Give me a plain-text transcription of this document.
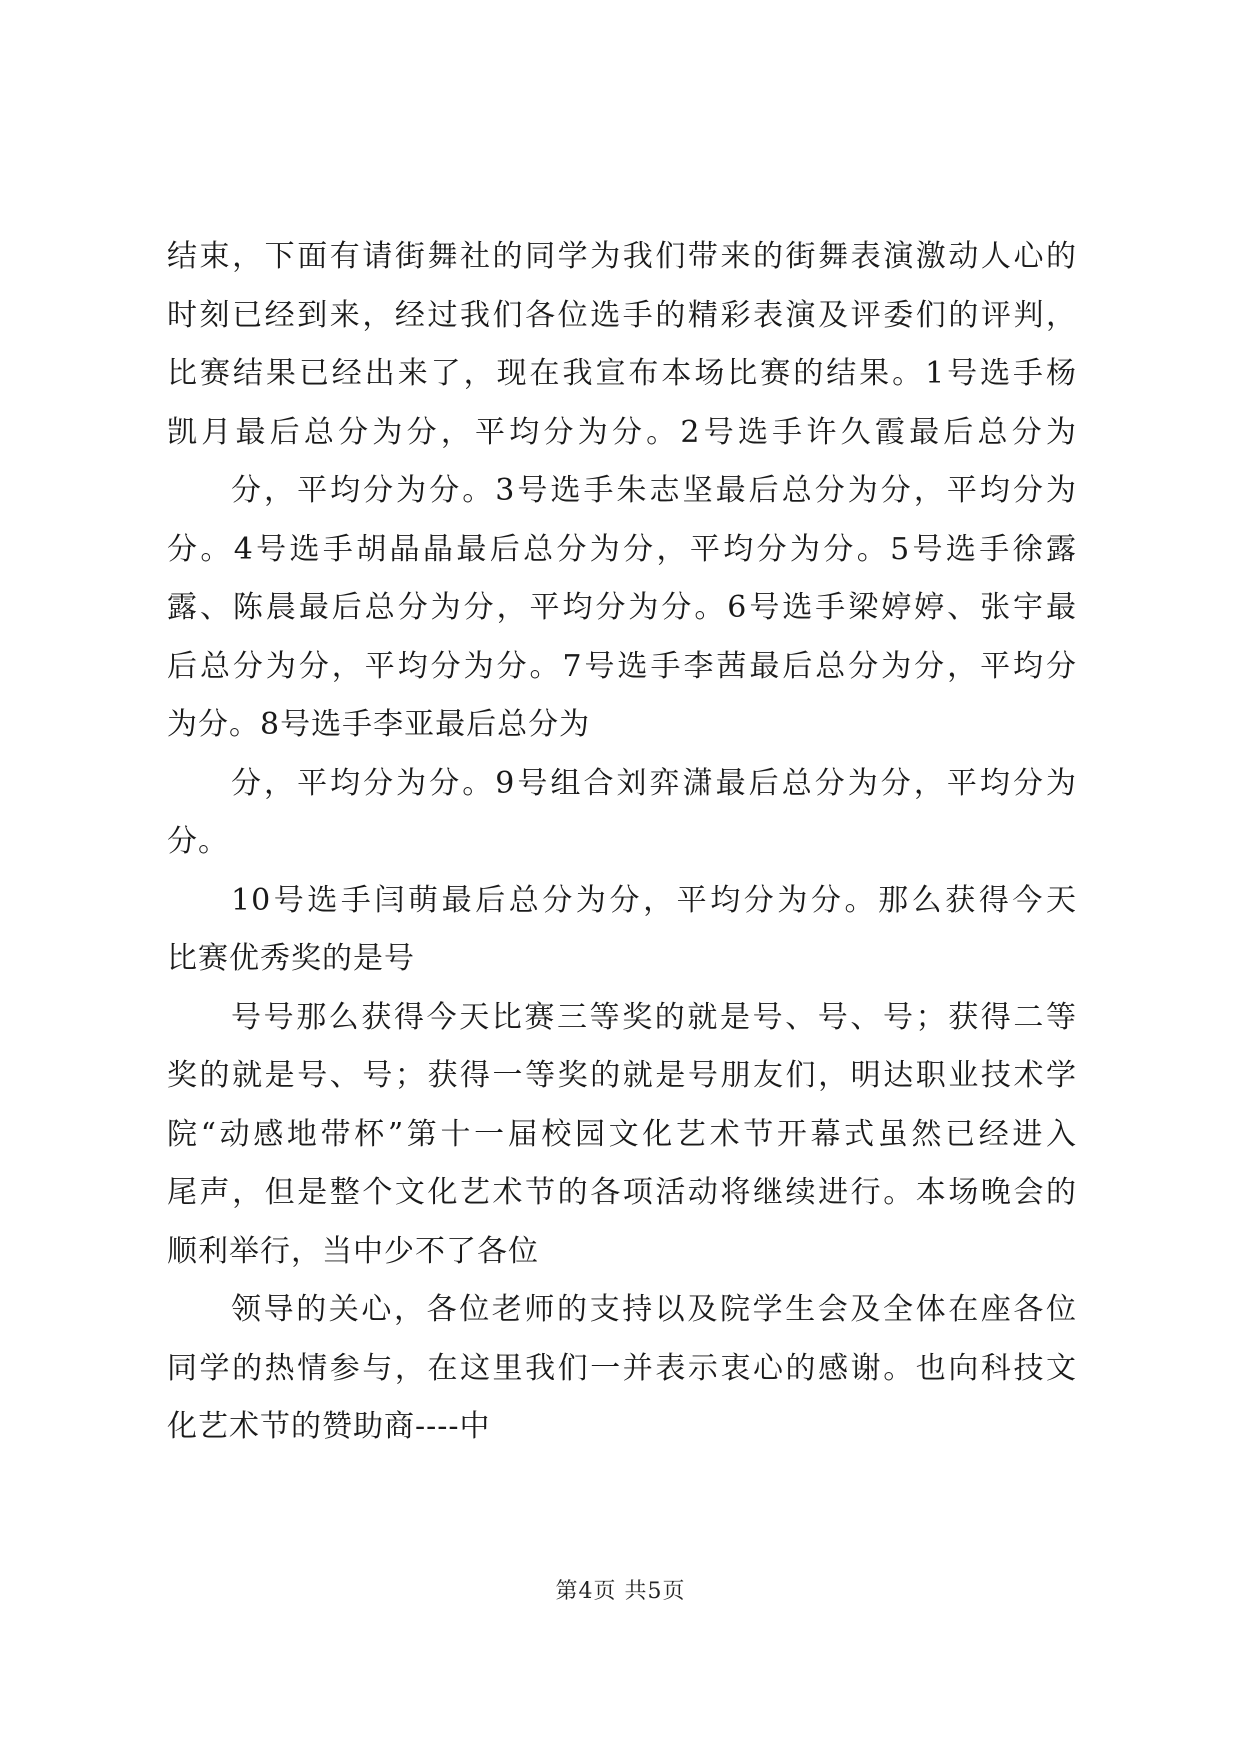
结束，下面有请街舞社的同学为我们带来的街舞表演激动人心的
时刻已经到来，经过我们各位选手的精彩表演及评委们的评判，
比赛结果已经出来了，现在我宣布本场比赛的结果。1号选手杨
凯月最后总分为分，平均分为分。2号选手许久霞最后总分为
分，平均分为分。3号选手朱志坚最后总分为分，平均分为
分。4号选手胡晶晶最后总分为分，平均分为分。5号选手徐露
露、陈晨最后总分为分，平均分为分。6号选手梁婷婷、张宇最
后总分为分，平均分为分。7号选手李茜最后总分为分，平均分
为分。8号选手李亚最后总分为
分，平均分为分。9号组合刘弈潇最后总分为分，平均分为
分。
10号选手闫萌最后总分为分，平均分为分。那么获得今天
比赛优秀奖的是号
号号那么获得今天比赛三等奖的就是号、号、号；获得二等
奖的就是号、号；获得一等奖的就是号朋友们，明达职业技术学
院“动感地带杯”第十一届校园文化艺术节开幕式虽然已经进入
尾声，但是整个文化艺术节的各项活动将继续进行。本场晚会的
顺利举行，当中少不了各位
领导的关心，各位老师的支持以及院学生会及全体在座各位
同学的热情参与，在这里我们一并表示衷心的感谢。也向科技文
化艺术节的赞助商----中
第4页 共5页
